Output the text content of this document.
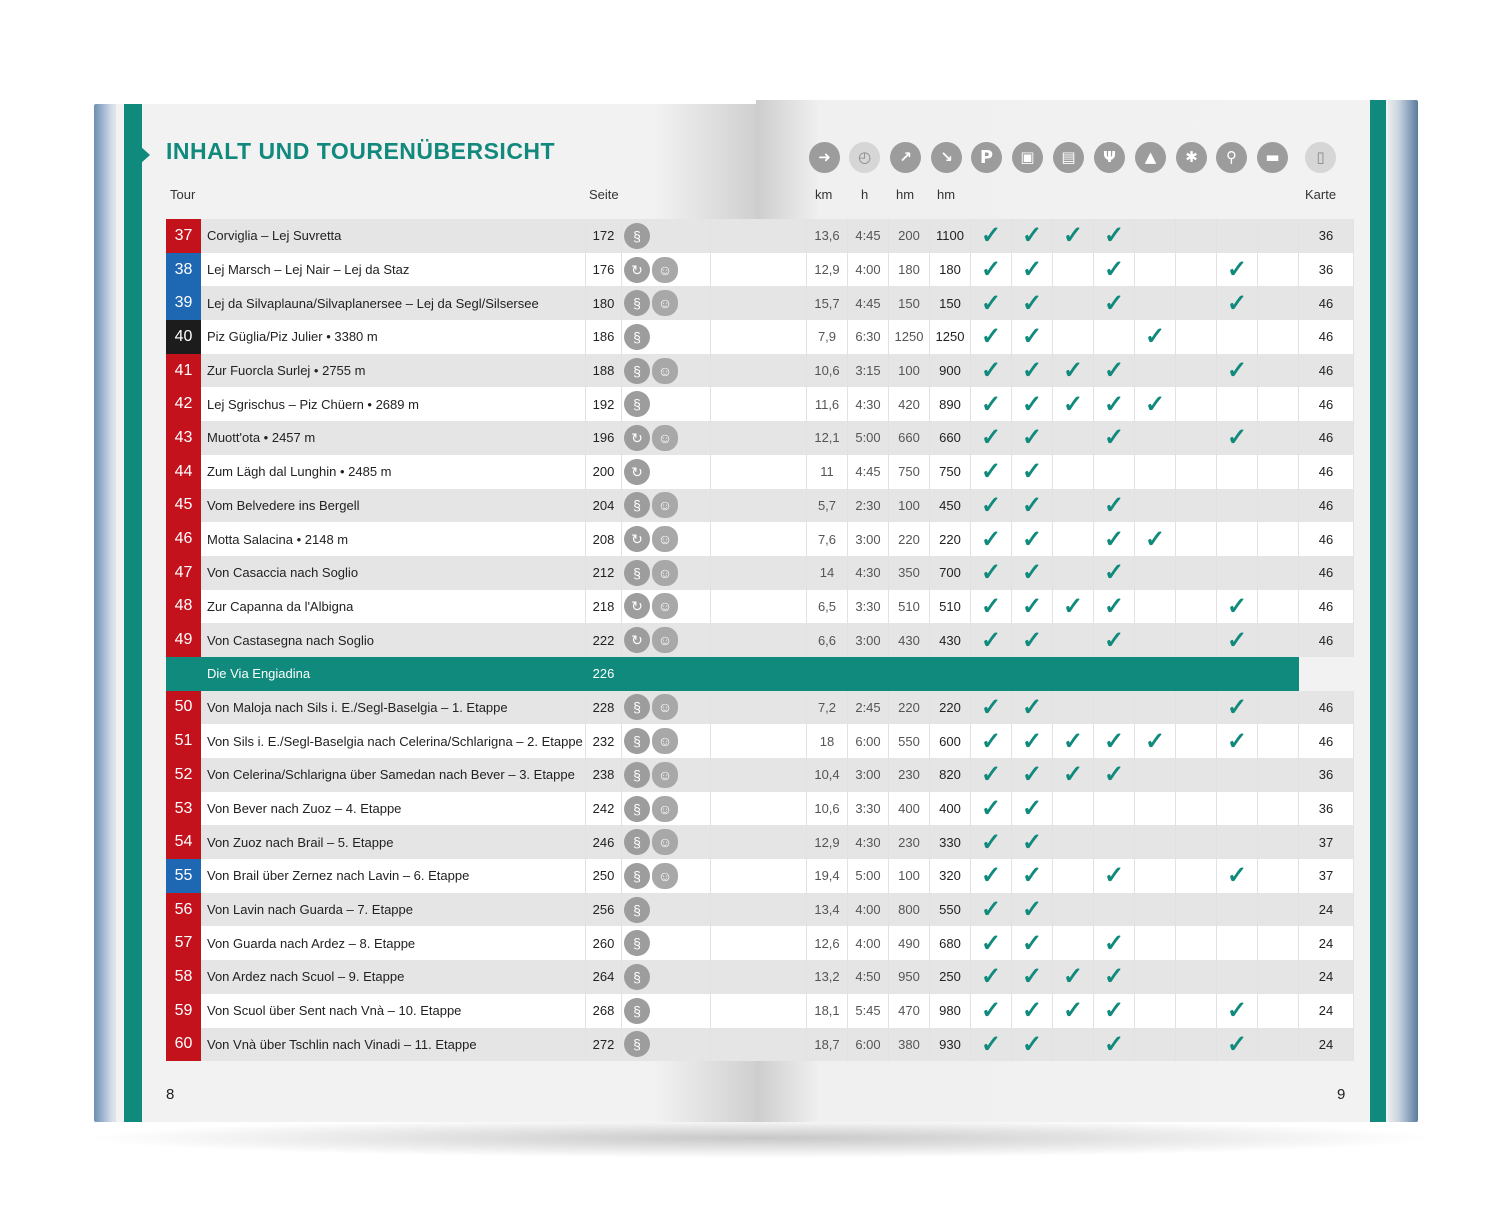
INHALT UND TOURENÜBERSICHT
Tour	Seite	km h hm hm	Karte
➜	◴	↗	↘	P	▣	▤	Ψ	▲	✱	⚲	▬	▯
37	Corviglia – Lej Suvretta	172	§		13,6	4:45	200	1100	✓	✓	✓	✓					36
38	Lej Marsch – Lej Nair – Lej da Staz	176	↻ ☺		12,9	4:00	180	180	✓	✓		✓			✓		36
39	Lej da Silvaplauna/Silvaplanersee – Lej da Segl/Silsersee	180	§ ☺		15,7	4:45	150	150	✓	✓		✓			✓		46
40	Piz Güglia/Piz Julier • 3380 m	186	§		7,9	6:30	1250	1250	✓	✓			✓				46
41	Zur Fuorcla Surlej • 2755 m	188	§ ☺		10,6	3:15	100	900	✓	✓	✓	✓			✓		46
42	Lej Sgrischus – Piz Chüern • 2689 m	192	§		11,6	4:30	420	890	✓	✓	✓	✓	✓				46
43	Muott'ota • 2457 m	196	↻ ☺		12,1	5:00	660	660	✓	✓		✓			✓		46
44	Zum Lägh dal Lunghin • 2485 m	200	↻		11	4:45	750	750	✓	✓							46
45	Vom Belvedere ins Bergell	204	§ ☺		5,7	2:30	100	450	✓	✓		✓					46
46	Motta Salacina • 2148 m	208	↻ ☺		7,6	3:00	220	220	✓	✓		✓	✓				46
47	Von Casaccia nach Soglio	212	§ ☺		14	4:30	350	700	✓	✓		✓					46
48	Zur Capanna da l'Albigna	218	↻ ☺		6,5	3:30	510	510	✓	✓	✓	✓			✓		46
49	Von Castasegna nach Soglio	222	↻ ☺		6,6	3:00	430	430	✓	✓		✓			✓		46
	Die Via Engiadina	226															
50	Von Maloja nach Sils i. E./Segl-Baselgia – 1. Etappe	228	§ ☺		7,2	2:45	220	220	✓	✓					✓		46
51	Von Sils i. E./Segl-Baselgia nach Celerina/Schlarigna – 2. Etappe	232	§ ☺		18	6:00	550	600	✓	✓	✓	✓	✓		✓		46
52	Von Celerina/Schlarigna über Samedan nach Bever – 3. Etappe	238	§ ☺		10,4	3:00	230	820	✓	✓	✓	✓					36
53	Von Bever nach Zuoz – 4. Etappe	242	§ ☺		10,6	3:30	400	400	✓	✓							36
54	Von Zuoz nach Brail – 5. Etappe	246	§ ☺		12,9	4:30	230	330	✓	✓							37
55	Von Brail über Zernez nach Lavin – 6. Etappe	250	§ ☺		19,4	5:00	100	320	✓	✓		✓			✓		37
56	Von Lavin nach Guarda – 7. Etappe	256	§		13,4	4:00	800	550	✓	✓							24
57	Von Guarda nach Ardez – 8. Etappe	260	§		12,6	4:00	490	680	✓	✓		✓					24
58	Von Ardez nach Scuol – 9. Etappe	264	§		13,2	4:50	950	250	✓	✓	✓	✓					24
59	Von Scuol über Sent nach Vnà – 10. Etappe	268	§		18,1	5:45	470	980	✓	✓	✓	✓			✓		24
60	Von Vnà über Tschlin nach Vinadi – 11. Etappe	272	§		18,7	6:00	380	930	✓	✓		✓			✓		24
8	9
